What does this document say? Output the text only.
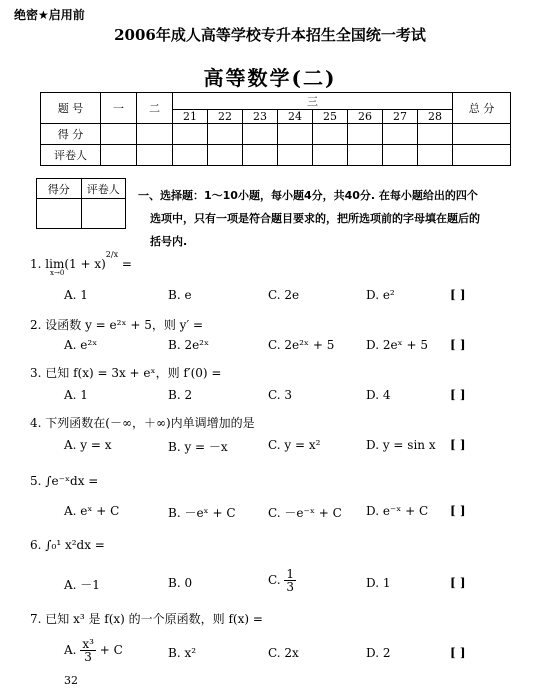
绝密★启用前
2006年成人高等学校专升本招生全国统一考试
高等数学(二)
题 号	一	二	三								总 分
			21	22	23	24	25	26	27	28	
得 分											
评卷人											
得分	评卷人
	一、选择题：1～10小题，每小题4分，共40分. 在每小题给出的四个
选项中，只有一项是符合题目要求的，把所选项前的字母填在题后的
括号内.
1. $\lim(1 + x)^{2/x}$ =
x→0
A. 1	B. e	C. 2e	D. e²	[ ]
2. 设函数 y = e²ˣ + 5，则 y′ =
A. e²ˣ	B. 2e²ˣ	C. 2e²ˣ + 5	D. 2eˣ + 5 [ ]
3. 已知 f(x) = 3x + eˣ，则 f′(0) =
A. 1	B. 2	C. 3	D. 4	[ ]
4. 下列函数在(－∞，＋∞)内单调增加的是
A. y = x	B. y = －x	C. y = x²	D. y = sin x [ ]
5. ∫e⁻ˣdx =
A. eˣ + C	B. －eˣ + C	C. －e⁻ˣ + C D. e⁻ˣ + C [ ]
6. ∫₀¹ x²dx =
A. －1	B. 0	C. $\frac{1}{3}$	D. 1	[ ]
7. 已知 x³ 是 f(x) 的一个原函数，则 f(x) =
A. $\frac{\text{x³}}{3} + C$	B. x²	C. 2x	D. 2	[ ]
32
